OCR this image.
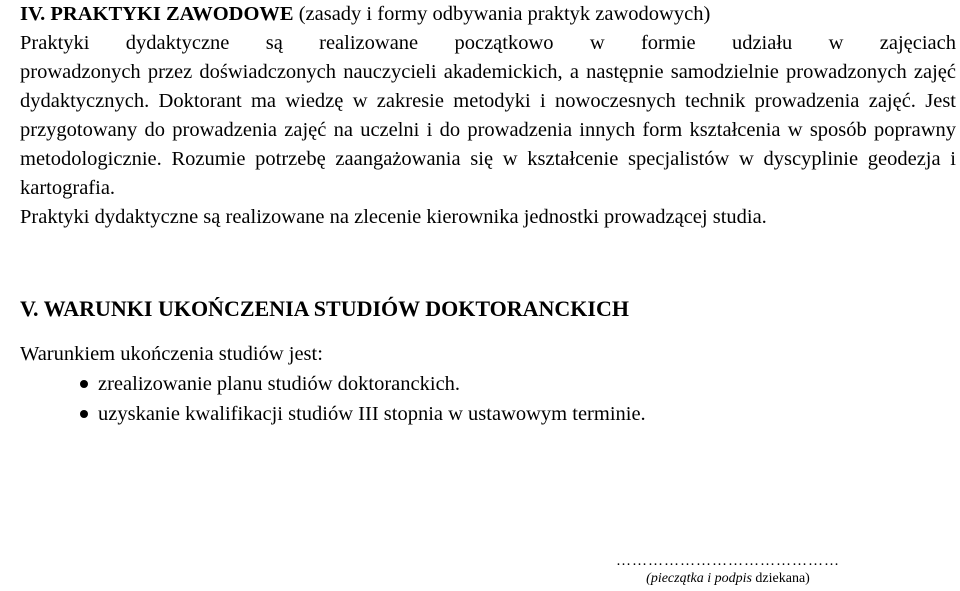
IV. PRAKTYKI ZAWODOWE (zasady i formy odbywania praktyk zawodowych)

Praktyki dydaktyczne są realizowane początkowo w formie udziału w zajęciach

prowadzonych przez doświadczonych nauczycieli akademickich, a następnie samodzielnie prowadzonych zajęć dydaktycznych. Doktorant ma wiedzę w zakresie metodyki i nowoczesnych technik prowadzenia zajęć. Jest przygotowany do prowadzenia zajęć na uczelni i do prowadzenia innych form kształcenia w sposób poprawny metodologicznie. Rozumie potrzebę zaangażowania się w kształcenie specjalistów w dyscyplinie geodezja i kartografia.

Praktyki dydaktyczne są realizowane na zlecenie kierownika jednostki prowadzącej studia.

V. WARUNKI UKOŃCZENIA STUDIÓW DOKTORANCKICH

Warunkiem ukończenia studiów jest:

zrealizowanie planu studiów doktoranckich.
uzyskanie kwalifikacji studiów III stopnia w ustawowym terminie.
……………………………………
(pieczątka i podpis dziekana)
